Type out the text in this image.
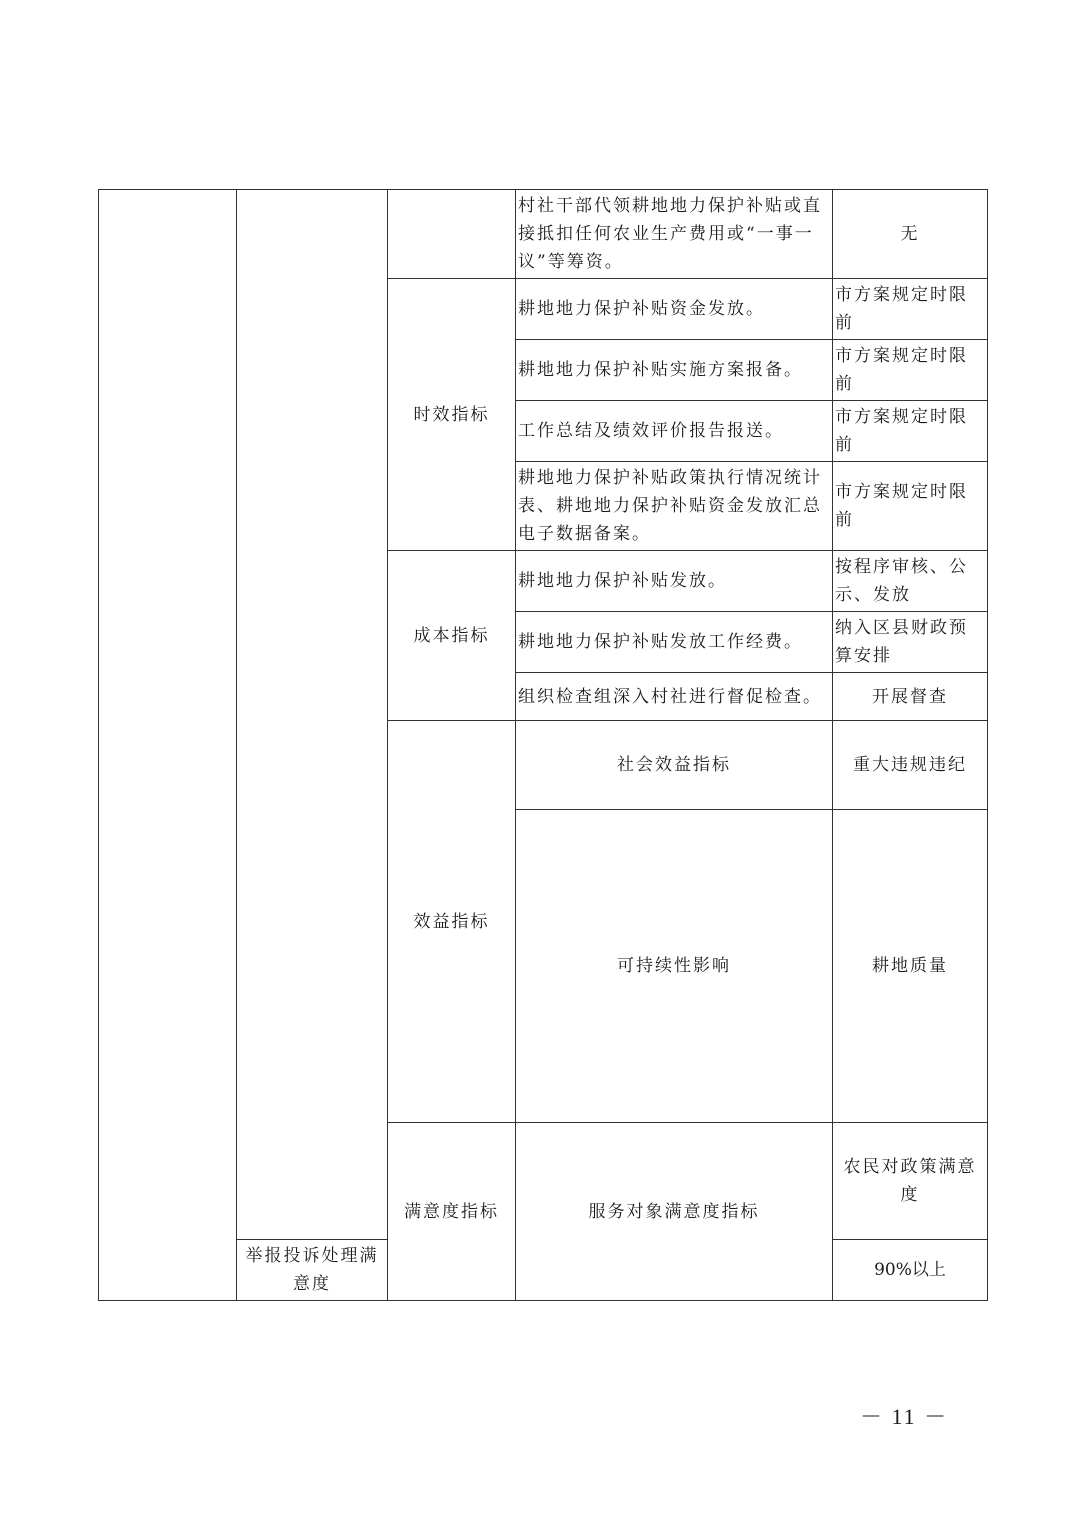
			村社干部代领耕地地力保护补贴或直接抵扣任何农业生产费用或“一事一议”等筹资。	无	
		时效指标	耕地地力保护补贴资金发放。	市方案规定时限前	
			耕地地力保护补贴实施方案报备。	市方案规定时限前	
			工作总结及绩效评价报告报送。	市方案规定时限前	
			耕地地力保护补贴政策执行情况统计表、耕地地力保护补贴资金发放汇总电子数据备案。	市方案规定时限前	
		成本指标	耕地地力保护补贴发放。	按程序审核、公示、发放	
			耕地地力保护补贴发放工作经费。	纳入区县财政预算安排	
			组织检查组深入村社进行督促检查。	开展督查	
		效益指标	社会效益指标	重大违规违纪	
			可持续性影响	耕地质量	
		满意度指标	服务对象满意度指标	农民对政策满意度	
	举报投诉处理满意度			90%以上	
－ 11 －
